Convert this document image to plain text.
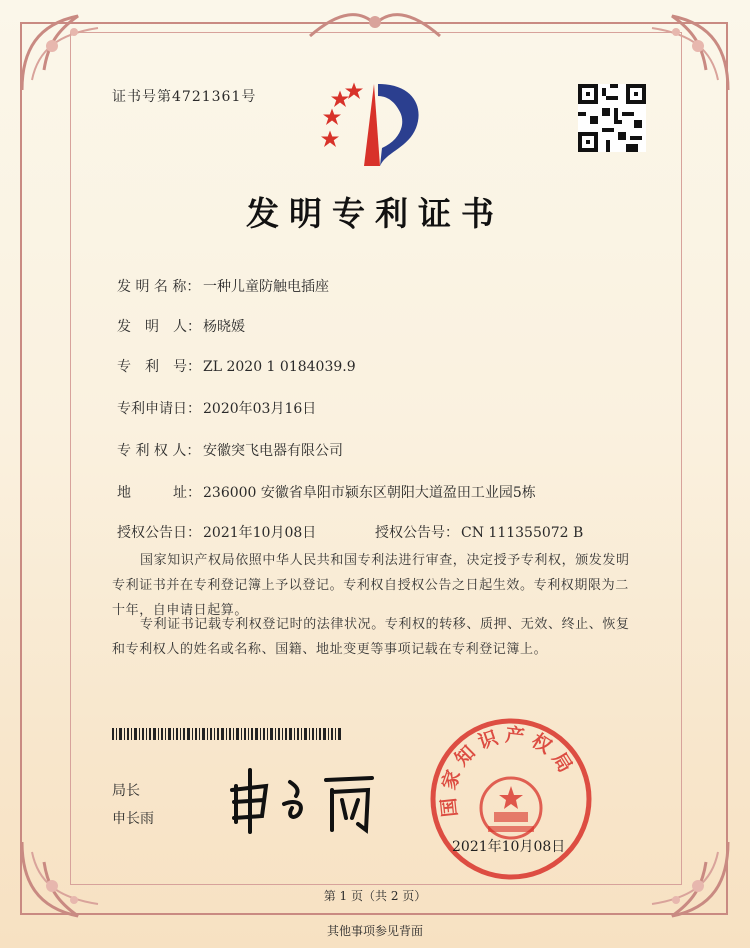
证书号第4721361号
发明专利证书
发 明 名 称： 一种儿童防触电插座
发　明　人： 杨晓媛
专　利　号： ZL 2020 1 0184039.9
专利申请日： 2020年03月16日
专 利 权 人： 安徽突飞电器有限公司
地　　　址： 236000 安徽省阜阳市颍东区朝阳大道盈田工业园5栋
授权公告日： 2021年10月08日	授权公告号： CN 111355072 B
国家知识产权局依照中华人民共和国专利法进行审查，决定授予专利权，颁发发明专利证书并在专利登记簿上予以登记。专利权自授权公告之日起生效。专利权期限为二十年，自申请日起算。
专利证书记载专利权登记时的法律状况。专利权的转移、质押、无效、终止、恢复和专利权人的姓名或名称、国籍、地址变更等事项记载在专利登记簿上。
局长
申长雨
国家知识产权局
2021年10月08日
第 1 页（共 2 页）
其他事项参见背面
